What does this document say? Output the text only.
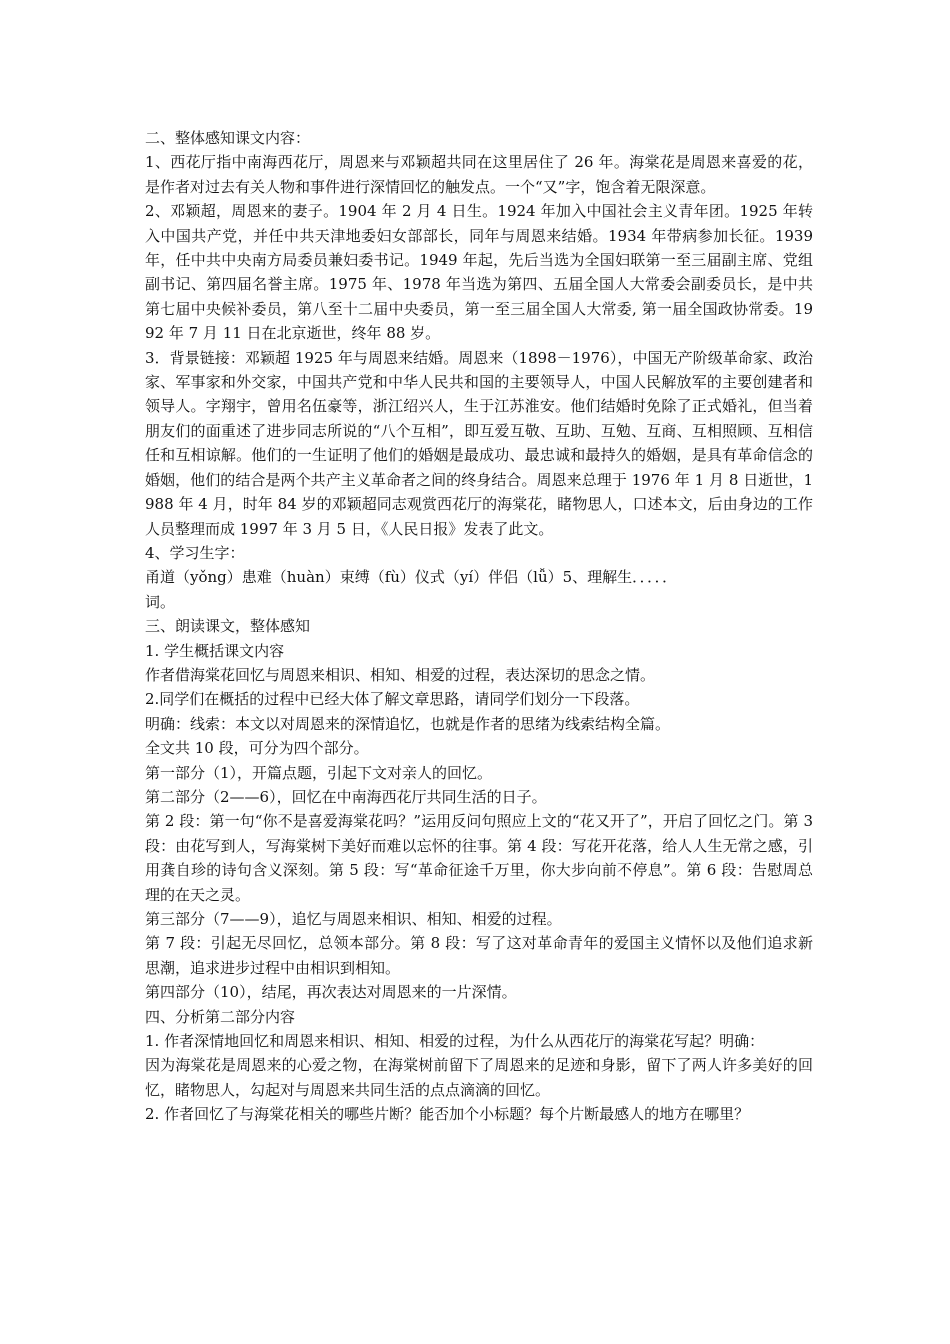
二、整体感知课文内容：

1、西花厅指中南海西花厅，周恩来与邓颖超共同在这里居住了 26 年。海棠花是周恩来喜爱的花，是作者对过去有关人物和事件进行深情回忆的触发点。一个“又”字，饱含着无限深意。

2、邓颖超，周恩来的妻子。1904 年 2 月 4 日生。1924 年加入中国社会主义青年团。1925 年转入中国共产党，并任中共天津地委妇女部部长，同年与周恩来结婚。1934 年带病参加长征。1939 年，任中共中央南方局委员兼妇委书记。1949 年起，先后当选为全国妇联第一至三届副主席、党组副书记、第四届名誉主席。1975 年、1978 年当选为第四、五届全国人大常委会副委员长，是中共第七届中央候补委员，第八至十二届中央委员，第一至三届全国人大常委, 第一届全国政协常委。1992 年 7 月 11 日在北京逝世，终年 88 岁。

3．背景链接：邓颖超 1925 年与周恩来结婚。周恩来（1898－1976），中国无产阶级革命家、政治家、军事家和外交家，中国共产党和中华人民共和国的主要领导人，中国人民解放军的主要创建者和领导人。字翔宇，曾用名伍豪等，浙江绍兴人，生于江苏淮安。他们结婚时免除了正式婚礼，但当着朋友们的面重述了进步同志所说的“八个互相”，即互爱互敬、互助、互勉、互商、互相照顾、互相信任和互相谅解。他们的一生证明了他们的婚姻是最成功、最忠诚和最持久的婚姻，是具有革命信念的婚姻，他们的结合是两个共产主义革命者之间的终身结合。周恩来总理于 1976 年 1 月 8 日逝世，1988 年 4 月，时年 84 岁的邓颖超同志观赏西花厅的海棠花，睹物思人，口述本文，后由身边的工作人员整理而成 1997 年 3 月 5 日，《人民日报》发表了此文。

4、学习生字：

甬道（yǒng）患难（huàn）束缚（fù）仪式（yí）伴侣（lǚ）5、理解生．．．．．

词。

三、朗读课文，整体感知

1. 学生概括课文内容

作者借海棠花回忆与周恩来相识、相知、相爱的过程，表达深切的思念之情。

2.同学们在概括的过程中已经大体了解文章思路，请同学们划分一下段落。

明确：线索：本文以对周恩来的深情追忆，也就是作者的思绪为线索结构全篇。

全文共 10 段，可分为四个部分。

第一部分（1），开篇点题，引起下文对亲人的回忆。

第二部分（2——6），回忆在中南海西花厅共同生活的日子。

第 2 段：第一句“你不是喜爱海棠花吗？”运用反问句照应上文的“花又开了”，开启了回忆之门。第 3 段：由花写到人，写海棠树下美好而难以忘怀的往事。第 4 段：写花开花落，给人人生无常之感，引用龚自珍的诗句含义深刻。第 5 段：写“革命征途千万里，你大步向前不停息”。第 6 段：告慰周总理的在天之灵。

第三部分（7——9），追忆与周恩来相识、相知、相爱的过程。

第 7 段：引起无尽回忆，总领本部分。第 8 段：写了这对革命青年的爱国主义情怀以及他们追求新思潮，追求进步过程中由相识到相知。

第四部分（10），结尾，再次表达对周恩来的一片深情。

四、分析第二部分内容

1. 作者深情地回忆和周恩来相识、相知、相爱的过程，为什么从西花厅的海棠花写起？明确：

因为海棠花是周恩来的心爱之物，在海棠树前留下了周恩来的足迹和身影，留下了两人许多美好的回忆，睹物思人，勾起对与周恩来共同生活的点点滴滴的回忆。

2. 作者回忆了与海棠花相关的哪些片断？能否加个小标题？每个片断最感人的地方在哪里？
